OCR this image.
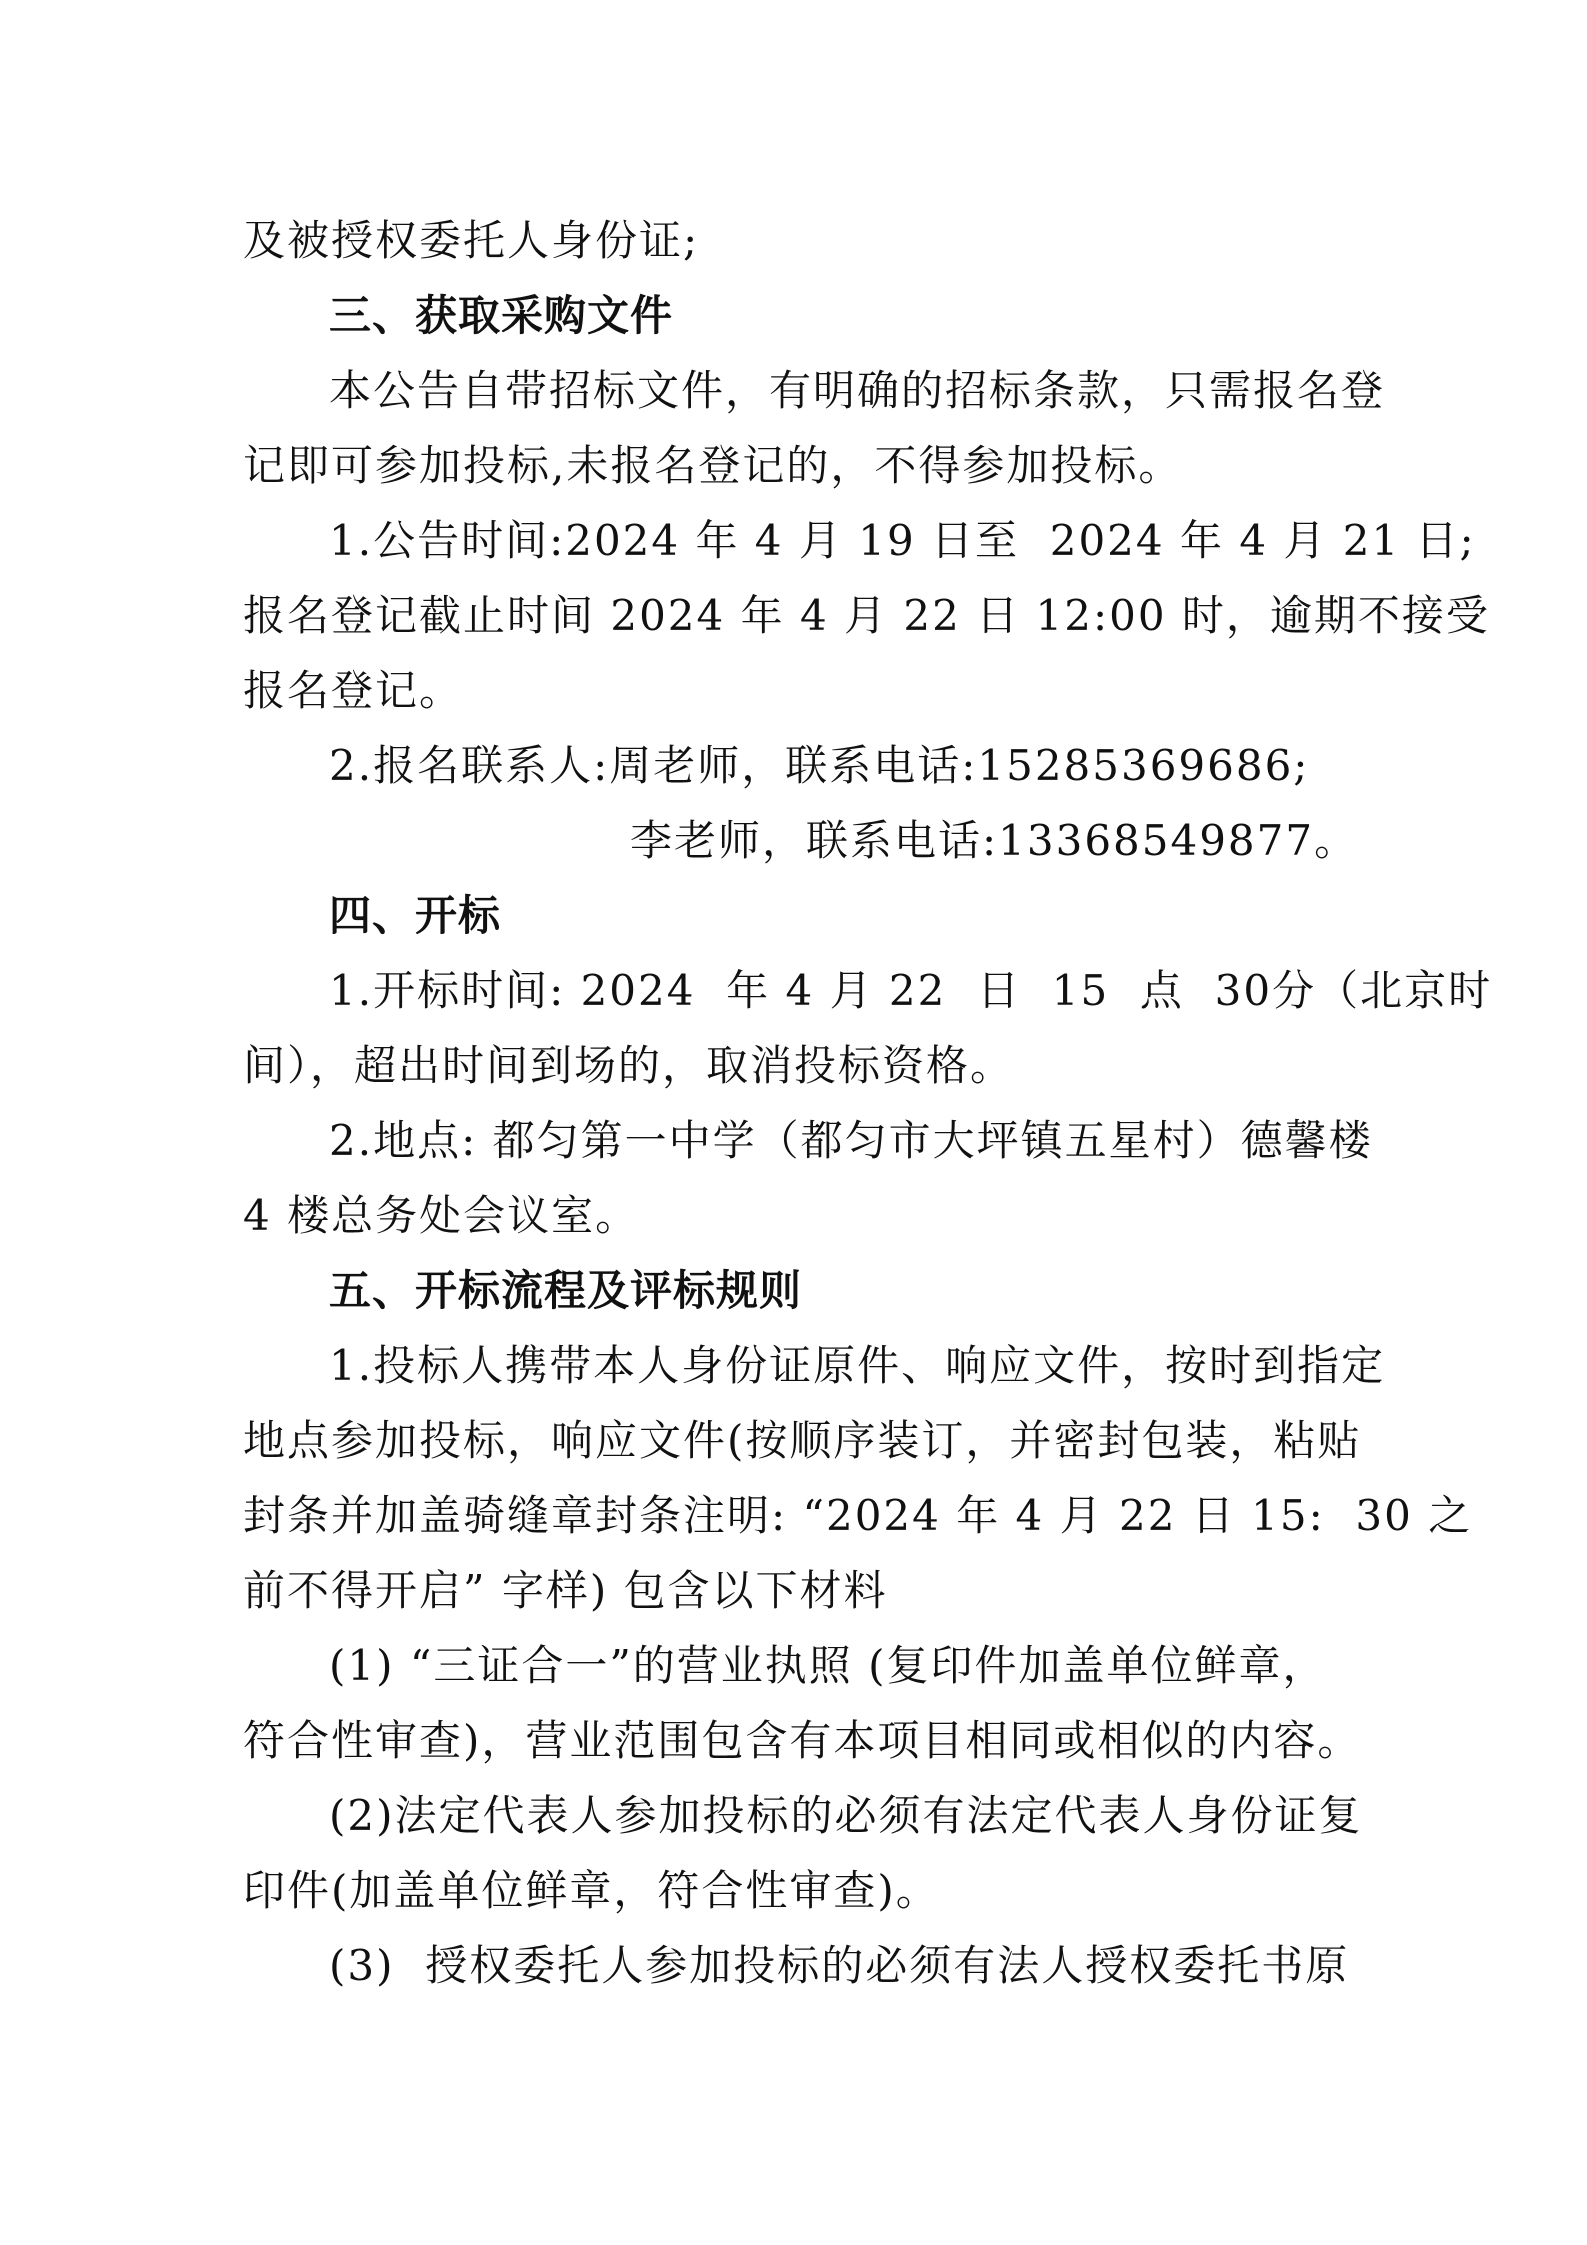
及被授权委托人身份证;

三、获取采购文件

本公告自带招标文件，有明确的招标条款，只需报名登

记即可参加投标,未报名登记的，不得参加投标。

1.公告时间:2024 年 4 月 19 日至  2024 年 4 月 21 日;

报名登记截止时间 2024 年 4 月 22 日 12:00 时，逾期不接受

报名登记。

2.报名联系人:周老师，联系电话:15285369686;

李老师，联系电话:13368549877。

四、开标

1.开标时间: 2024  年 4 月 22  日  15  点  30分（北京时

间），超出时间到场的，取消投标资格。

2.地点: 都匀第一中学（都匀市大坪镇五星村）德馨楼

4 楼总务处会议室。

五、开标流程及评标规则

1.投标人携带本人身份证原件、响应文件，按时到指定

地点参加投标，响应文件(按顺序装订，并密封包装，粘贴

封条并加盖骑缝章封条注明: “2024 年 4 月 22 日 15:  30 之

前不得开启” 字样) 包含以下材料

(1) “三证合一”的营业执照 (复印件加盖单位鲜章，

符合性审查)，营业范围包含有本项目相同或相似的内容。

(2)法定代表人参加投标的必须有法定代表人身份证复

印件(加盖单位鲜章，符合性审查)。

(3)  授权委托人参加投标的必须有法人授权委托书原
